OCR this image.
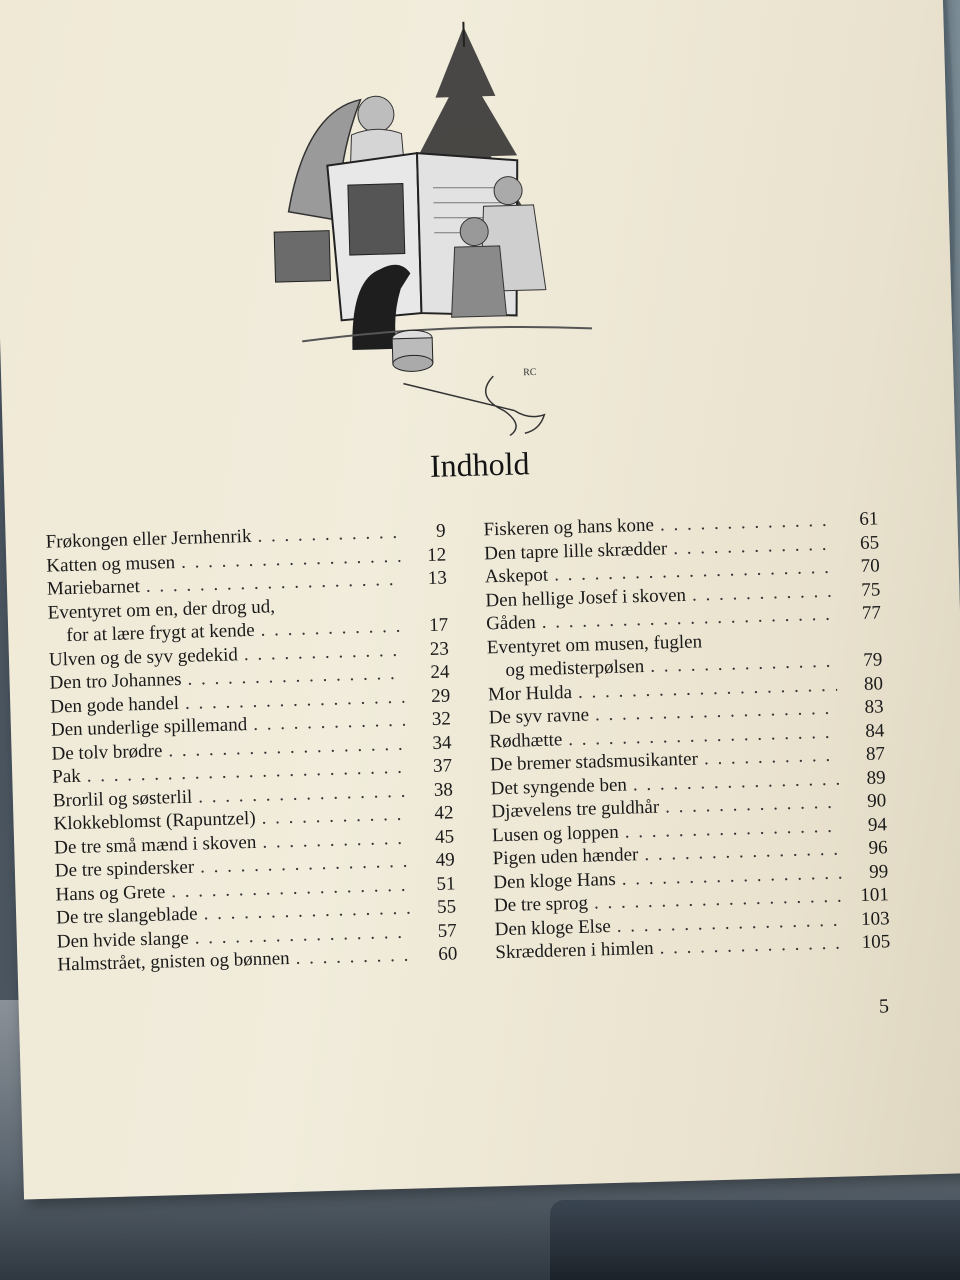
RC
Indhold
Frøkongen eller Jernhenrik . . .	9
Katten og musen . . .	12
Mariebarnet . . .	13
Eventyret om en, der drog ud,
for at lære frygt at kende . . .	17
Ulven og de syv gedekid . . .	23
Den tro Johannes . . .	24
Den gode handel . . .	29
Den underlige spillemand . . .	32
De tolv brødre . . .	34
Pak . . .	37
Brorlil og søsterlil . . .	38
Klokkeblomst (Rapuntzel) . . .	42
De tre små mænd i skoven . . .	45
De tre spindersker . . .	49
Hans og Grete . . .	51
De tre slangeblade . . .	55
Den hvide slange . . .	57
Halmstrået, gnisten og bønnen . . .	60
Fiskeren og hans kone . . .	61
Den tapre lille skrædder . . .	65
Askepot . . .	70
Den hellige Josef i skoven . . .	75
Gåden . . .	77
Eventyret om musen, fuglen
og medisterpølsen . . .	79
Mor Hulda . . .	80
De syv ravne . . .	83
Rødhætte . . .	84
De bremer stadsmusikanter . . .	87
Det syngende ben . . .	89
Djævelens tre guldhår . . .	90
Lusen og loppen . . .	94
Pigen uden hænder . . .	96
Den kloge Hans . . .	99
De tre sprog . . .	101
Den kloge Else . . .	103
Skrædderen i himlen . . .	105
5
